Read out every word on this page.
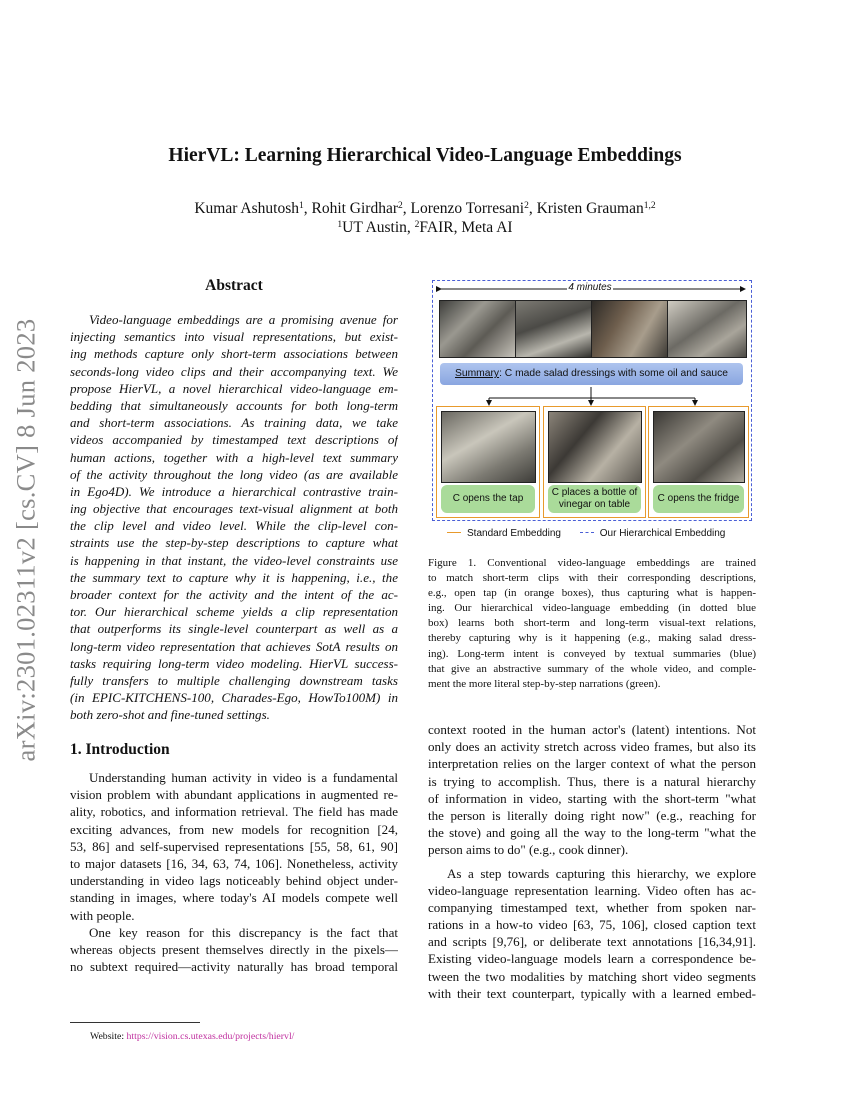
arXiv:2301.02311v2 [cs.CV] 8 Jun 2023
HierVL: Learning Hierarchical Video-Language Embeddings
Kumar Ashutosh$^1$, Rohit Girdhar$^2$, Lorenzo Torresani$^2$, Kristen Grauman$^{1,2}$
$^1$UT Austin, $^2$FAIR, Meta AI
Abstract
Video-language embeddings are a promising avenue for
injecting semantics into visual representations, but exist-
ing methods capture only short-term associations between
seconds-long video clips and their accompanying text. We
propose HierVL, a novel hierarchical video-language em-
bedding that simultaneously accounts for both long-term
and short-term associations. As training data, we take
videos accompanied by timestamped text descriptions of
human actions, together with a high-level text summary
of the activity throughout the long video (as are available
in Ego4D). We introduce a hierarchical contrastive train-
ing objective that encourages text-visual alignment at both
the clip level and video level. While the clip-level con-
straints use the step-by-step descriptions to capture what
is happening in that instant, the video-level constraints use
the summary text to capture why it is happening, i.e., the
broader context for the activity and the intent of the ac-
tor. Our hierarchical scheme yields a clip representation
that outperforms its single-level counterpart as well as a
long-term video representation that achieves SotA results on
tasks requiring long-term video modeling. HierVL success-
fully transfers to multiple challenging downstream tasks
(in EPIC-KITCHENS-100, Charades-Ego, HowTo100M) in
both zero-shot and fine-tuned settings.
1. Introduction
Understanding human activity in video is a fundamental
vision problem with abundant applications in augmented re-
ality, robotics, and information retrieval. The field has made
exciting advances, from new models for recognition [24,
53, 86] and self-supervised representations [55, 58, 61, 90]
to major datasets [16, 34, 63, 74, 106]. Nonetheless, activity
understanding in video lags noticeably behind object under-
standing in images, where today's AI models compete well
with people.
One key reason for this discrepancy is the fact that
whereas objects present themselves directly in the pixels—
no subtext required—activity naturally has broad temporal
Website: https://vision.cs.utexas.edu/projects/hiervl/
4 minutes
Summary: C made salad dressings with some oil and sauce
C opens the tap
C places a bottle of vinegar on table
C opens the fridge
Standard Embedding	Our Hierarchical Embedding
Figure 1. Conventional video-language embeddings are trained
to match short-term clips with their corresponding descriptions,
e.g., open tap (in orange boxes), thus capturing what is happen-
ing. Our hierarchical video-language embedding (in dotted blue
box) learns both short-term and long-term visual-text relations,
thereby capturing why is it happening (e.g., making salad dress-
ing). Long-term intent is conveyed by textual summaries (blue)
that give an abstractive summary of the whole video, and comple-
ment the more literal step-by-step narrations (green).
context rooted in the human actor's (latent) intentions. Not
only does an activity stretch across video frames, but also its
interpretation relies on the larger context of what the person
is trying to accomplish. Thus, there is a natural hierarchy
of information in video, starting with the short-term "what
the person is literally doing right now" (e.g., reaching for
the stove) and going all the way to the long-term "what the
person aims to do" (e.g., cook dinner).
As a step towards capturing this hierarchy, we explore
video-language representation learning. Video often has ac-
companying timestamped text, whether from spoken nar-
rations in a how-to video [63, 75, 106], closed caption text
and scripts [9,76], or deliberate text annotations [16,34,91].
Existing video-language models learn a correspondence be-
tween the two modalities by matching short video segments
with their text counterpart, typically with a learned embed-
